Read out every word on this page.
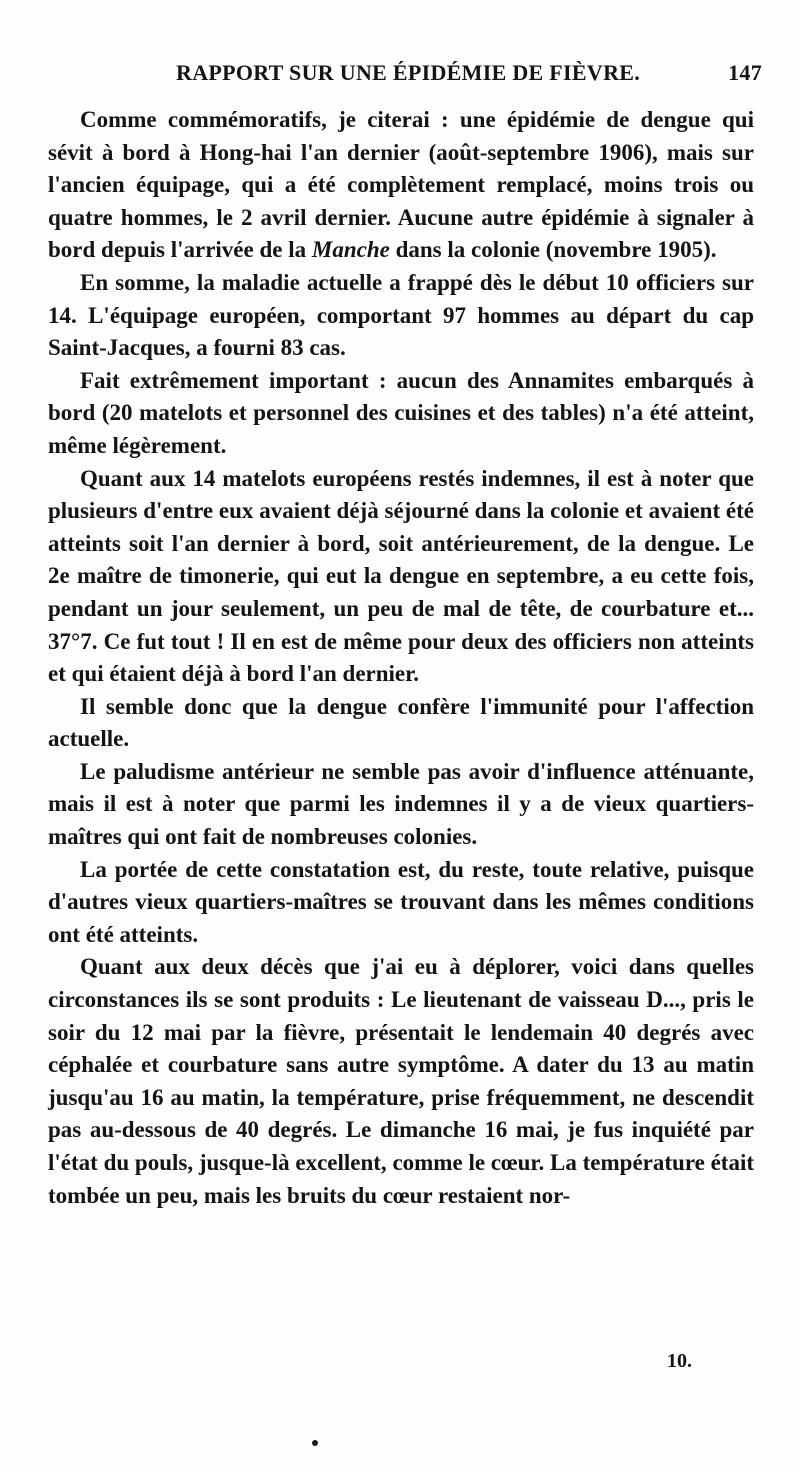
RAPPORT SUR UNE ÉPIDÉMIE DE FIÈVRE.	147

Comme commémoratifs, je citerai : une épidémie de dengue qui sévit à bord à Hong-hai l'an dernier (août-septembre 1906), mais sur l'ancien équipage, qui a été complètement remplacé, moins trois ou quatre hommes, le 2 avril dernier. Aucune autre épidémie à signaler à bord depuis l'arrivée de la Manche dans la colonie (novembre 1905).

En somme, la maladie actuelle a frappé dès le début 10 officiers sur 14. L'équipage européen, comportant 97 hommes au départ du cap Saint-Jacques, a fourni 83 cas.

Fait extrêmement important : aucun des Annamites embarqués à bord (20 matelots et personnel des cuisines et des tables) n'a été atteint, même légèrement.

Quant aux 14 matelots européens restés indemnes, il est à noter que plusieurs d'entre eux avaient déjà séjourné dans la colonie et avaient été atteints soit l'an dernier à bord, soit antérieurement, de la dengue. Le 2e maître de timonerie, qui eut la dengue en septembre, a eu cette fois, pendant un jour seulement, un peu de mal de tête, de courbature et... 37°7. Ce fut tout ! Il en est de même pour deux des officiers non atteints et qui étaient déjà à bord l'an dernier.

Il semble donc que la dengue confère l'immunité pour l'affection actuelle.

Le paludisme antérieur ne semble pas avoir d'influence atténuante, mais il est à noter que parmi les indemnes il y a de vieux quartiers-maîtres qui ont fait de nombreuses colonies.

La portée de cette constatation est, du reste, toute relative, puisque d'autres vieux quartiers-maîtres se trouvant dans les mêmes conditions ont été atteints.

Quant aux deux décès que j'ai eu à déplorer, voici dans quelles circonstances ils se sont produits : Le lieutenant de vaisseau D..., pris le soir du 12 mai par la fièvre, présentait le lendemain 40 degrés avec céphalée et courbature sans autre symptôme. A dater du 13 au matin jusqu'au 16 au matin, la température, prise fréquemment, ne descendit pas au-dessous de 40 degrés. Le dimanche 16 mai, je fus inquiété par l'état du pouls, jusque-là excellent, comme le cœur. La température était tombée un peu, mais les bruits du cœur restaient nor-

10.
